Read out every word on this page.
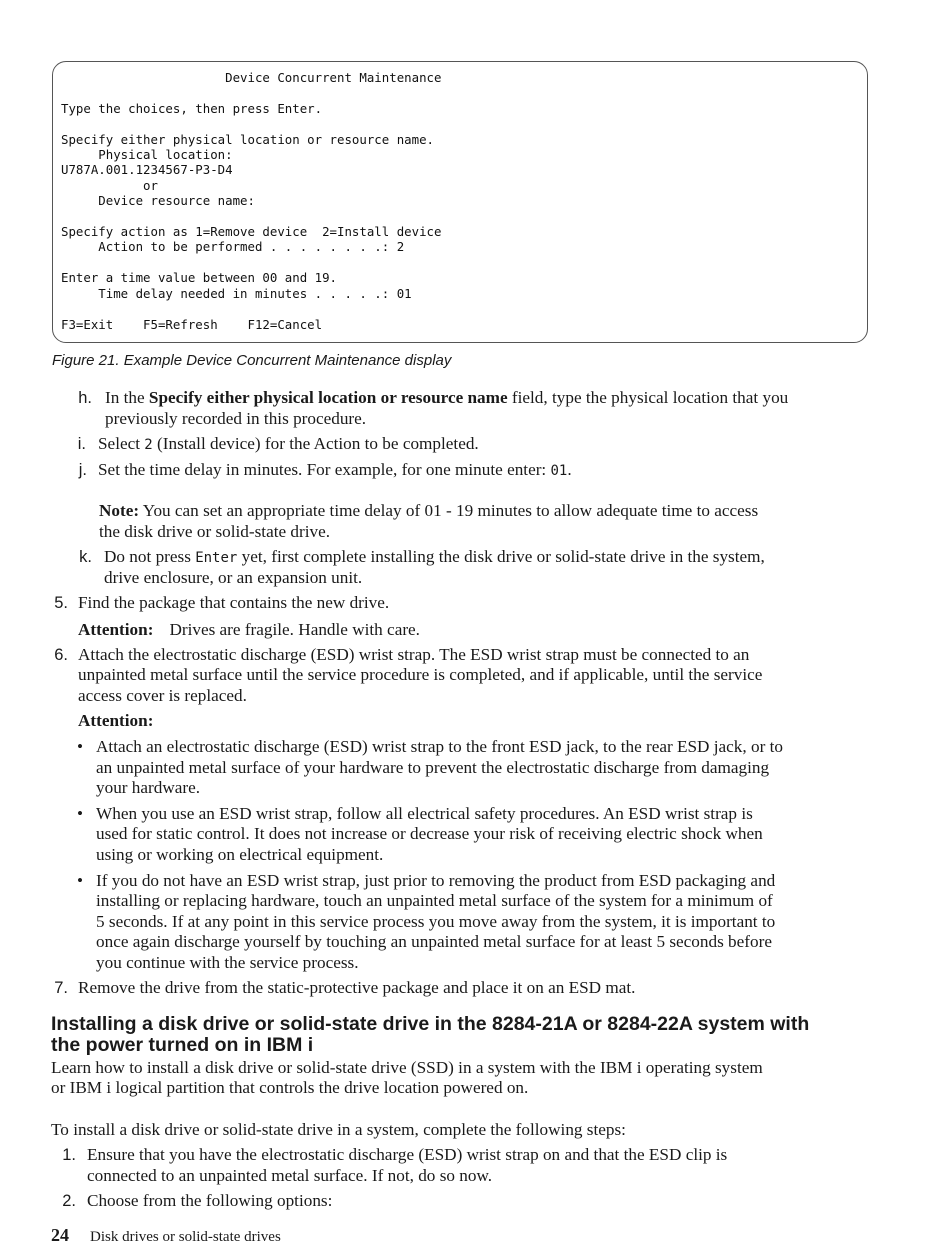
Device Concurrent Maintenance

Type the choices, then press Enter.

Specify either physical location or resource name.
Physical location:
U787A.001.1234567-P3-D4
or
Device resource name:

Specify action as 1=Remove device  2=Install device
Action to be performed . . . . . . . .: 2

Enter a time value between 00 and 19.
Time delay needed in minutes . . . . .: 01

F3=Exit    F5=Refresh    F12=Cancel
Figure 21. Example Device Concurrent Maintenance display
h. In the Specify either physical location or resource name field, type the physical location that you
previously recorded in this procedure.
i. Select 2 (Install device) for the Action to be completed.
j. Set the time delay in minutes. For example, for one minute enter: 01.
Note: You can set an appropriate time delay of 01 - 19 minutes to allow adequate time to access
the disk drive or solid-state drive.
k. Do not press Enter yet, first complete installing the disk drive or solid-state drive in the system,
drive enclosure, or an expansion unit.
5. Find the package that contains the new drive.
Attention: Drives are fragile. Handle with care.
6. Attach the electrostatic discharge (ESD) wrist strap. The ESD wrist strap must be connected to an
unpainted metal surface until the service procedure is completed, and if applicable, until the service
access cover is replaced.
Attention:
• Attach an electrostatic discharge (ESD) wrist strap to the front ESD jack, to the rear ESD jack, or to
an unpainted metal surface of your hardware to prevent the electrostatic discharge from damaging
your hardware.
• When you use an ESD wrist strap, follow all electrical safety procedures. An ESD wrist strap is
used for static control. It does not increase or decrease your risk of receiving electric shock when
using or working on electrical equipment.
• If you do not have an ESD wrist strap, just prior to removing the product from ESD packaging and
installing or replacing hardware, touch an unpainted metal surface of the system for a minimum of
5 seconds. If at any point in this service process you move away from the system, it is important to
once again discharge yourself by touching an unpainted metal surface for at least 5 seconds before
you continue with the service process.
7. Remove the drive from the static-protective package and place it on an ESD mat.
Installing a disk drive or solid-state drive in the 8284-21A or 8284-22A system with
the power turned on in IBM i
Learn how to install a disk drive or solid-state drive (SSD) in a system with the IBM i operating system
or IBM i logical partition that controls the drive location powered on.
To install a disk drive or solid-state drive in a system, complete the following steps:
1. Ensure that you have the electrostatic discharge (ESD) wrist strap on and that the ESD clip is
connected to an unpainted metal surface. If not, do so now.
2. Choose from the following options:
24 Disk drives or solid-state drives
